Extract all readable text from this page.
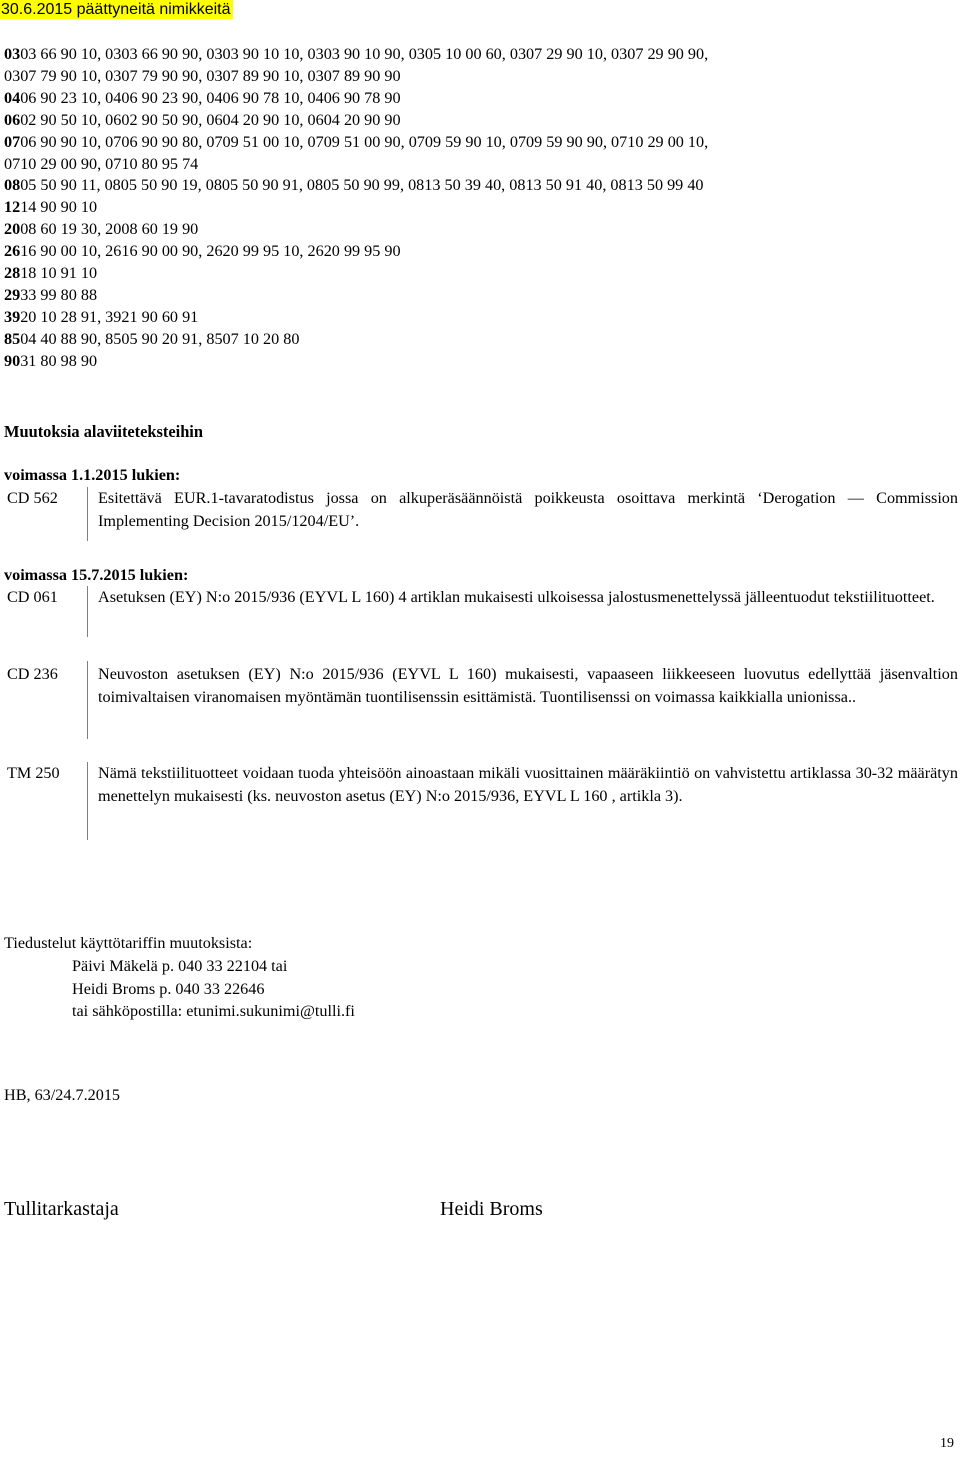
30.6.2015 päättyneitä nimikkeitä
0303 66 90 10, 0303 66 90 90, 0303 90 10 10, 0303 90 10 90, 0305 10 00 60, 0307 29 90 10, 0307 29 90 90,
0307 79 90 10, 0307 79 90 90, 0307 89 90 10, 0307 89 90 90
0406 90 23 10, 0406 90 23 90, 0406 90 78 10, 0406 90 78 90
0602 90 50 10, 0602 90 50 90, 0604 20 90 10, 0604 20 90 90
0706 90 90 10, 0706 90 90 80, 0709 51 00 10, 0709 51 00 90, 0709 59 90 10, 0709 59 90 90, 0710 29 00 10,
0710 29 00 90, 0710 80 95 74
0805 50 90 11, 0805 50 90 19, 0805 50 90 91, 0805 50 90 99, 0813 50 39 40, 0813 50 91 40, 0813 50 99 40
1214 90 90 10
2008 60 19 30, 2008 60 19 90
2616 90 00 10, 2616 90 00 90, 2620 99 95 10, 2620 99 95 90
2818 10 91 10
2933 99 80 88
3920 10 28 91, 3921 90 60 91
8504 40 88 90, 8505 90 20 91, 8507 10 20 80
9031 80 98 90
Muutoksia alaviiteteksteihin
voimassa 1.1.2015 lukien:
CD 562 Esitettävä EUR.1-tavaratodistus jossa on alkuperäsäännöistä poikkeusta osoittava merkintä ‘Derogation — Commission Implementing Decision 2015/1204/EU’.
voimassa 15.7.2015 lukien:
CD 061 Asetuksen (EY) N:o 2015/936 (EYVL L 160) 4 artiklan mukaisesti ulkoisessa jalostusmenettelyssä jälleentuodut tekstiilituotteet.
CD 236 Neuvoston asetuksen (EY) N:o 2015/936 (EYVL L 160) mukaisesti, vapaaseen liikkeeseen luovutus edellyttää jäsenvaltion toimivaltaisen viranomaisen myöntämän tuontilisenssin esittämistä. Tuontilisenssi on voimassa kaikkialla unionissa..
TM 250 Nämä tekstiilituotteet voidaan tuoda yhteisöön ainoastaan mikäli vuosittainen määräkiintiö on vahvistettu artiklassa 30-32 määrätyn menettelyn mukaisesti (ks. neuvoston asetus (EY) N:o 2015/936, EYVL L 160 , artikla 3).
Tiedustelut käyttötariffin muutoksista:
Päivi Mäkelä p. 040 33 22104 tai
Heidi Broms p. 040 33 22646
tai sähköpostilla: etunimi.sukunimi@tulli.fi
HB, 63/24.7.2015
Tullitarkastaja	Heidi Broms
19
